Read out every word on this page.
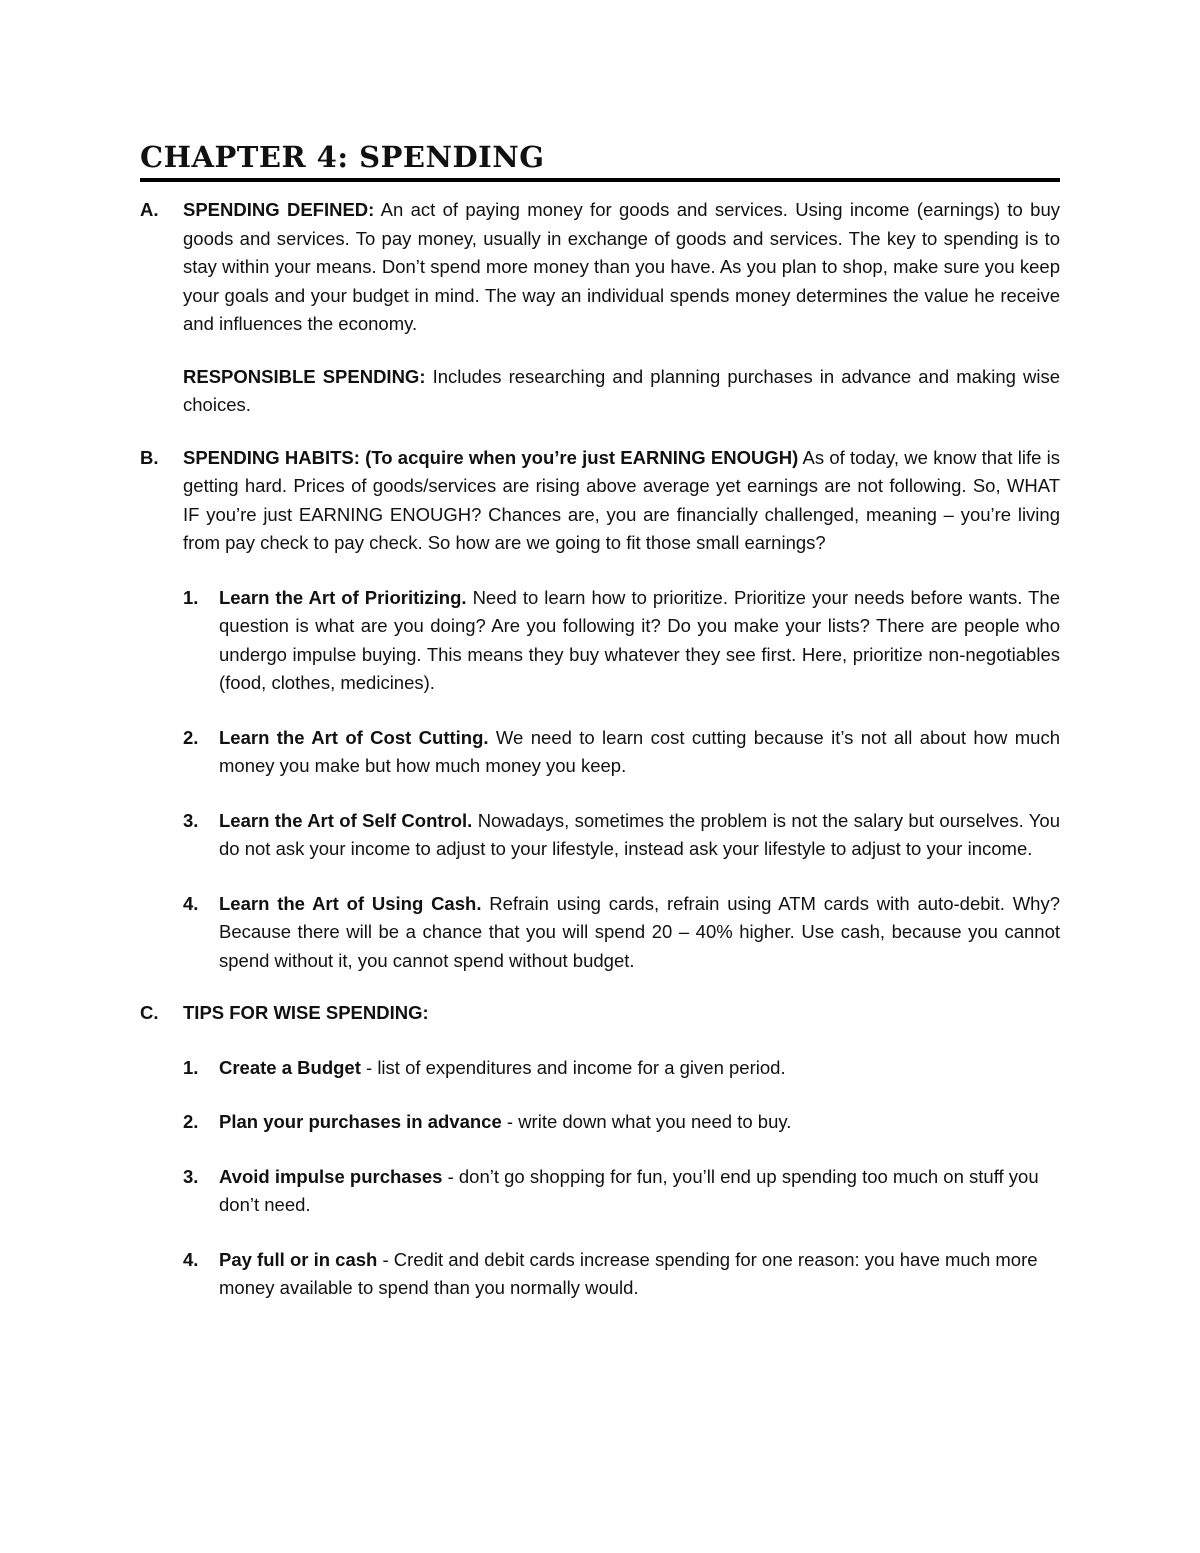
CHAPTER 4: SPENDING
A. SPENDING DEFINED: An act of paying money for goods and services. Using income (earnings) to buy goods and services. To pay money, usually in exchange of goods and services. The key to spending is to stay within your means. Don’t spend more money than you have. As you plan to shop, make sure you keep your goals and your budget in mind. The way an individual spends money determines the value he receive and influences the economy.

RESPONSIBLE SPENDING: Includes researching and planning purchases in advance and making wise choices.

B. SPENDING HABITS: (To acquire when you’re just EARNING ENOUGH) As of today, we know that life is getting hard. Prices of goods/services are rising above average yet earnings are not following. So, WHAT IF you’re just EARNING ENOUGH? Chances are, you are financially challenged, meaning – you’re living from pay check to pay check. So how are we going to fit those small earnings?

1. Learn the Art of Prioritizing. Need to learn how to prioritize. Prioritize your needs before wants. The question is what are you doing? Are you following it? Do you make your lists? There are people who undergo impulse buying. This means they buy whatever they see first. Here, prioritize non-negotiables (food, clothes, medicines).
2. Learn the Art of Cost Cutting. We need to learn cost cutting because it’s not all about how much money you make but how much money you keep.
3. Learn the Art of Self Control. Nowadays, sometimes the problem is not the salary but ourselves. You do not ask your income to adjust to your lifestyle, instead ask your lifestyle to adjust to your income.
4. Learn the Art of Using Cash. Refrain using cards, refrain using ATM cards with auto-debit. Why? Because there will be a chance that you will spend 20 – 40% higher. Use cash, because you cannot spend without it, you cannot spend without budget.
C. TIPS FOR WISE SPENDING:

1. Create a Budget - list of expenditures and income for a given period.
2. Plan your purchases in advance - write down what you need to buy.
3. Avoid impulse purchases - don’t go shopping for fun, you’ll end up spending too much on stuff you don’t need.
4. Pay full or in cash - Credit and debit cards increase spending for one reason: you have much more money available to spend than you normally would.
